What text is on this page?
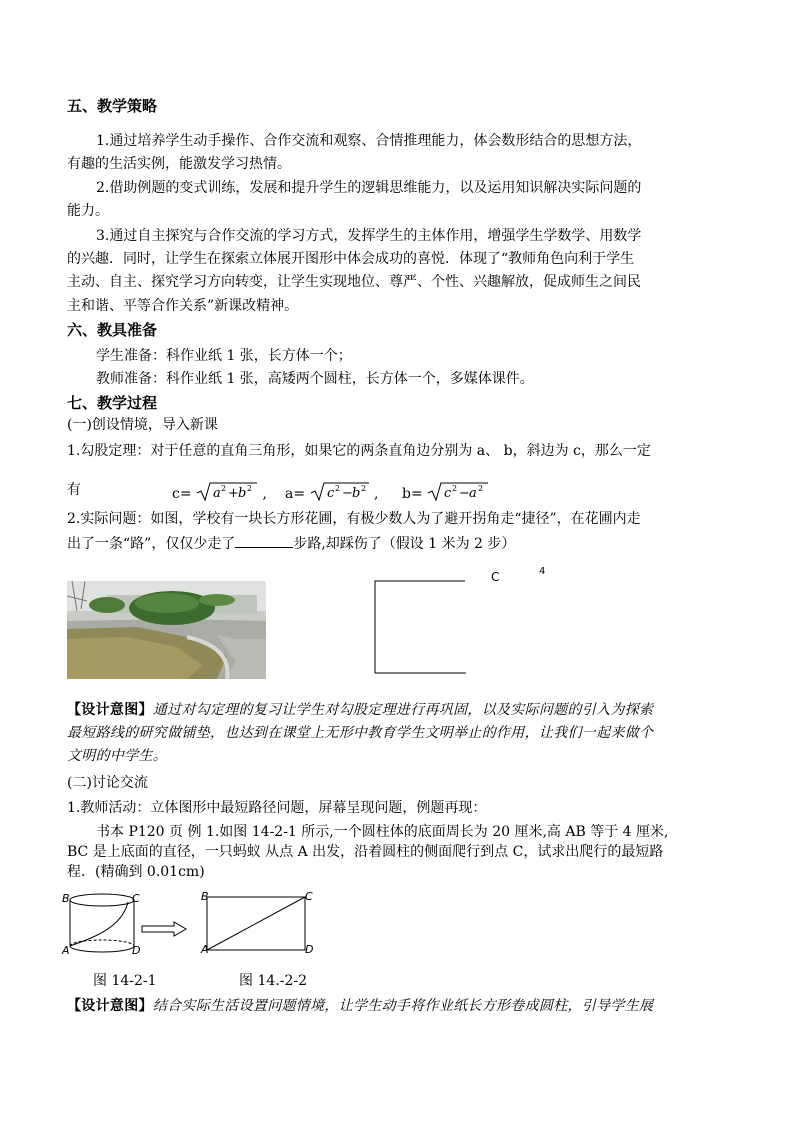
五、教学策略
1.通过培养学生动手操作、合作交流和观察、合情推理能力，体会数形结合的思想方法，
有趣的生活实例，能激发学习热情。
2.借助例题的变式训练，发展和提升学生的逻辑思维能力，以及运用知识解决实际问题的
能力。
3.通过自主探究与合作交流的学习方式，发挥学生的主体作用，增强学生学数学、用数学
的兴趣．同时，让学生在探索立体展开图形中体会成功的喜悦．体现了“教师角色向利于学生
主动、自主、探究学习方向转变，让学生实现地位、尊严、个性、兴趣解放，促成师生之间民
主和谐、平等合作关系”新课改精神。
六、教具准备
学生准备：科作业纸 1 张，长方体一个；
教师准备：科作业纸 1 张，高矮两个圆柱，长方体一个，多媒体课件。
七、教学过程
(一)创设情境，导入新课
1.勾股定理：对于任意的直角三角形，如果它的两条直角边分别为 a、 b，斜边为 c，那么一定
有	c= a 2 + b 2 , a= c 2 − b 2 , b= c 2 − a 2
2.实际问题：如图，学校有一块长方形花圃，有极少数人为了避开拐角走“捷径”，在花圃内走
出了一条“路”，仅仅少走了	步路,却踩伤了（假设 1 米为 2 步）
C	4
【设计意图】通过对勾定理的复习让学生对勾股定理进行再巩固，以及实际问题的引入为探索
最短路线的研究做铺垫，也达到在课堂上无形中教育学生文明举止的作用，让我们一起来做个
文明的中学生。
(二)讨论交流
1.教师活动：立体图形中最短路径问题，屏幕呈现问题，例题再现：
书本 P120 页 例 1.如图 14-2-1 所示,一个圆柱体的底面周长为 20 厘米,高 AB 等于 4 厘米,
BC 是上底面的直径，一只蚂蚁 从点 A 出发，沿着圆柱的侧面爬行到点 C，试求出爬行的最短路
程．(精确到 0.01cm)
B	C
A	D
B	C
A	D
图 14-2-1	图 14.-2-2
【设计意图】结合实际生活设置问题情境，让学生动手将作业纸长方形卷成圆柱，引导学生展
